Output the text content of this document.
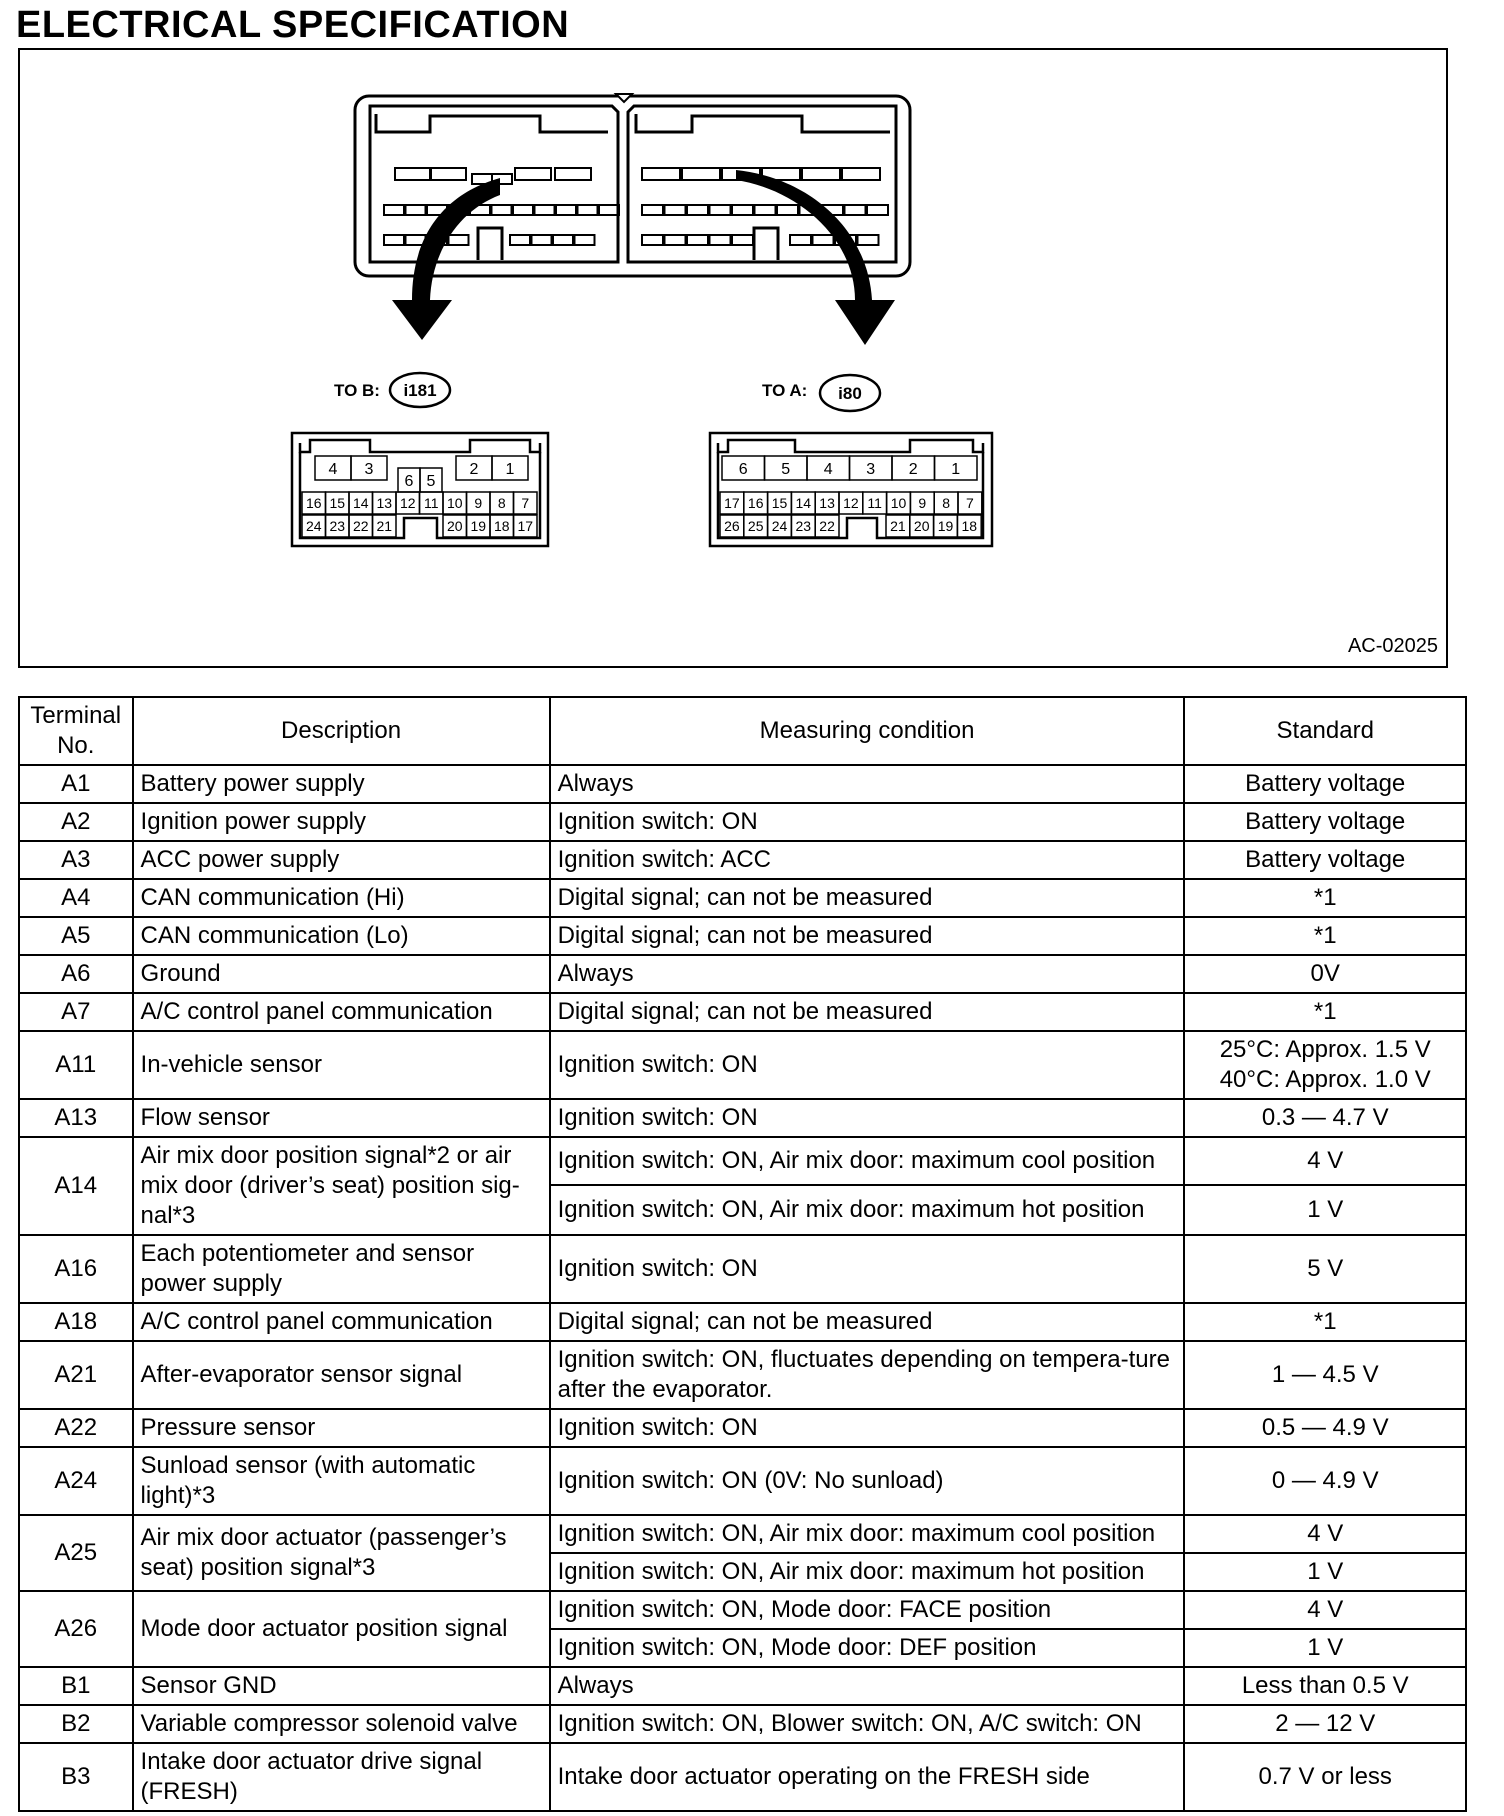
ELECTRICAL SPECIFICATION
TO B: i181	TO A: i80
4 3	2 1
6 5
16 15 14 13 12 11 10 9 8 7
24 23 22 21	20 19 18 17
6 5 4 3 2 1
17 16 15 14 13 12 11 10 9 8 7
26 25 24 23 22	21 20 19 18
AC-02025
Terminal No.	Description	Measuring condition	Standard
A1	Battery power supply	Always	Battery voltage

A2	Ignition power supply	Ignition switch: ON	Battery voltage

A3	ACC power supply	Ignition switch: ACC	Battery voltage

A4	CAN communication (Hi)	Digital signal; can not be measured	*1

A5	CAN communication (Lo)	Digital signal; can not be measured	*1

A6	Ground	Always	0V

A7	A/C control panel communication	Digital signal; can not be measured	*1

A11	In-vehicle sensor	Ignition switch: ON	25°C: Approx. 1.5 V
40°C: Approx. 1.0 V

A13	Flow sensor	Ignition switch: ON	0.3 — 4.7 V

A14	Air mix door position signal*2 or air mix door (driver’s seat) position sig-nal*3	Ignition switch: ON, Air mix door: maximum cool position	4 V

		Ignition switch: ON, Air mix door: maximum hot position	1 V

A16	Each potentiometer and sensor power supply	Ignition switch: ON	5 V

A18	A/C control panel communication	Digital signal; can not be measured	*1

A21	After-evaporator sensor signal	Ignition switch: ON, fluctuates depending on tempera-ture after the evaporator.	1 — 4.5 V

A22	Pressure sensor	Ignition switch: ON	0.5 — 4.9 V

A24	Sunload sensor (with automatic light)*3	Ignition switch: ON (0V: No sunload)	0 — 4.9 V

A25	Air mix door actuator (passenger’s seat) position signal*3	Ignition switch: ON, Air mix door: maximum cool position	4 V

		Ignition switch: ON, Air mix door: maximum hot position	1 V

A26	Mode door actuator position signal	Ignition switch: ON, Mode door: FACE position	4 V

		Ignition switch: ON, Mode door: DEF position	1 V

B1	Sensor GND	Always	Less than 0.5 V

B2	Variable compressor solenoid valve	Ignition switch: ON, Blower switch: ON, A/C switch: ON	2 — 12 V

B3	Intake door actuator drive signal (FRESH)	Intake door actuator operating on the FRESH side	0.7 V or less
